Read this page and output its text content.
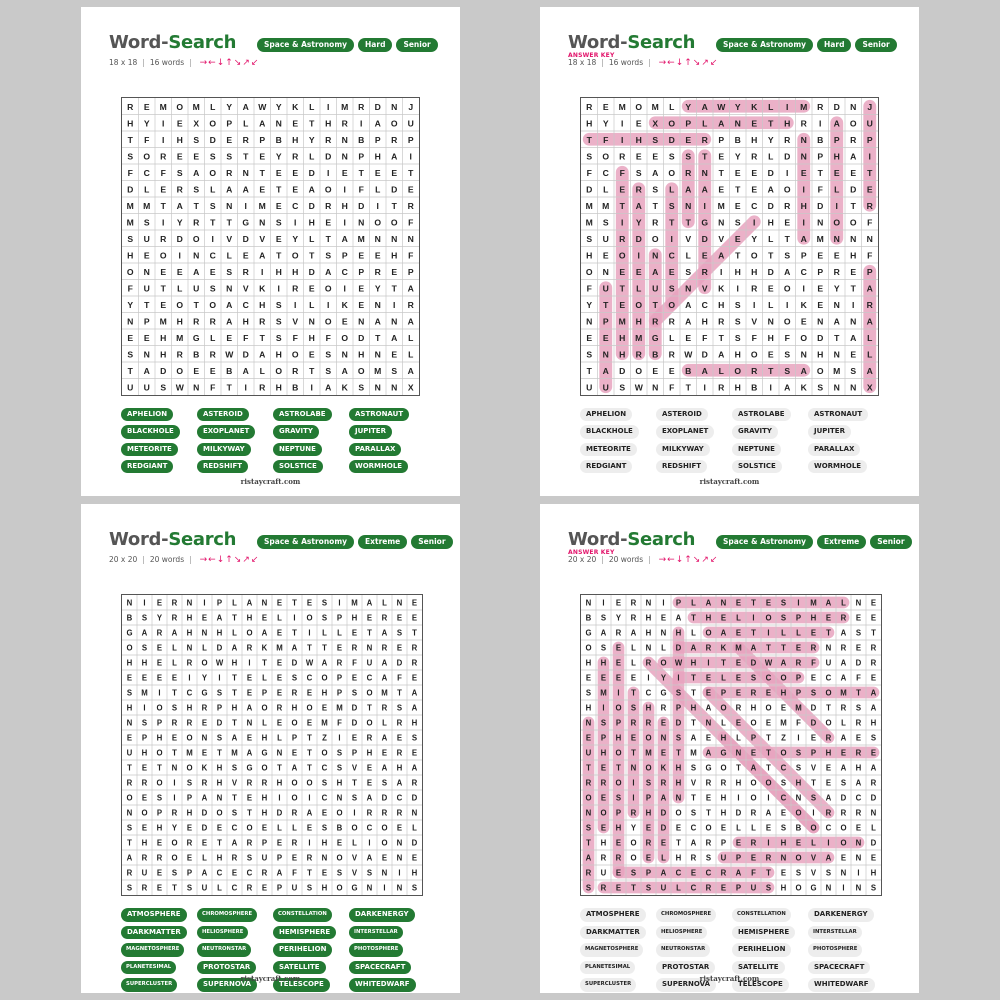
Word-Search	Space & Astronomy	Hard	Senior
18 x 18 | 16 words | →←↓↑↘↗↙
R E M O M L Y A W Y K L I M R D N J
H Y I E X O P L A N E T H R I A O U
T F I H S D E R P B H Y R N B P R P
S O R E E S S T E Y R L D N P H A I
F C F S A O R N T E E D I E T E E T
D L E R S L A A E T E A O I F L D E
M M T A T S N I M E C D R H D I T R
M S I Y R T T G N S I H E I N O O F
S U R D O I V D V E Y L T A M N N N
H E O I N C L E A T O T S P E E H F
O N E E A E S R I H H D A C P R E P
F U T L U S N V K I R E O I E Y T A
Y T E O T O A C H S I L I K E N I R
N P M H R R A H R S V N O E N A N A
E E H M G L E F T S F H F O D T A L
S N H R B R W D A H O E S N H N E L
T A D O E E B A L O R T S A O M S A
U U S W N F T I R H B I A K S N N X
APHELION	ASTEROID	ASTROLABE	ASTRONAUT
BLACKHOLE	EXOPLANET	GRAVITY	JUPITER
METEORITE	MILKYWAY	NEPTUNE	PARALLAX
REDGIANT	REDSHIFT	SOLSTICE	WORMHOLE
ristaycraft.com
Word-Search	Space & Astronomy	Hard	Senior
ANSWER KEY
18 x 18 | 16 words | →←↓↑↘↗↙
R E M O M L Y A W Y K L I M R D N J
H Y I E X O P L A N E T H R I A O U
T F I H S D E R P B H Y R N B P R P
S O R E E S S T E Y R L D N P H A I
F C F S A O R N T E E D I E T E E T
D L E R S L A A E T E A O I F L D E
M M T A T S N I M E C D R H D I T R
M S I Y R T T G N S I H E I N O O F
S U R D O I V D V E Y L T A M N N N
H E O I N C L E A T O T S P E E H F
O N E E A E S R I H H D A C P R E P
F U T L U S N V K I R E O I E Y T A
Y T E O T O A C H S I L I K E N I R
N P M H R R A H R S V N O E N A N A
E E H M G L E F T S F H F O D T A L
S N H R B R W D A H O E S N H N E L
T A D O E E B A L O R T S A O M S A
U U S W N F T I R H B I A K S N N X
APHELION	ASTEROID	ASTROLABE	ASTRONAUT
BLACKHOLE	EXOPLANET	GRAVITY	JUPITER
METEORITE	MILKYWAY	NEPTUNE	PARALLAX
REDGIANT	REDSHIFT	SOLSTICE	WORMHOLE
ristaycraft.com
Word-Search	Space & Astronomy	Extreme	Senior
20 x 20 | 20 words | →←↓↑↘↗↙
N I E R N I P L A N E T E S I M A L N E
B S Y R H E A T H E L I O S P H E R E E
G A R A H N H L O A E T I L L E T A S T
O S E L N L D A R K M A T T E R N R E R
H H E L R O W H I T E D W A R F U A D R
E E E E I Y I T E L E S C O P E C A F E
S M I T C G S T E P E R E H P S O M T A
H I O S H R P H A O R H O E M D T R S A
N S P R R E D T N L E O E M F D O L R H
E P H E O N S A E H L P T Z I E R A E S
U H O T M E T M A G N E T O S P H E R E
T E T N O K H S G O T A T C S V E A H A
R R O I S R H V R R H O O S H T E S A R
O E S I P A N T E H I O I C N S A D C D
N O P R H D O S T H D R A E O I R R R N
S E H Y E D E C O E L L E S B O C O E L
T H E O R E T A R P E R I H E L I O N D
A R R O E L H R S U P E R N O V A E N E
R U E S P A C E C R A F T E S V S N I H
S R E T S U L C R E P U S H O G N I N S
ATMOSPHERE	CHROMOSPHERE	CONSTELLATION	DARKENERGY
DARKMATTER	HELIOSPHERE	HEMISPHERE	INTERSTELLAR
MAGNETOSPHERE	NEUTRONSTAR	PERIHELION	PHOTOSPHERE
PLANETESIMAL	PROTOSTAR	SATELLITE	SPACECRAFT
SUPERCLUSTER	SUPERNOVA	TELESCOPE	WHITEDWARF
ristaycraft.com
Word-Search	Space & Astronomy	Extreme	Senior
ANSWER KEY
20 x 20 | 20 words | →←↓↑↘↗↙
N I E R N I P L A N E T E S I M A L N E
B S Y R H E A T H E L I O S P H E R E E
G A R A H N H L O A E T I L L E T A S T
O S E L N L D A R K M A T T E R N R E R
H H E L R O W H I T E D W A R F U A D R
E E E E I Y I T E L E S C O P E C A F E
S M I T C G S T E P E R E H P S O M T A
H I O S H R P H A O R H O E M D T R S A
N S P R R E D T N L E O E M F D O L R H
E P H E O N S A E H L P T Z I E R A E S
U H O T M E T M A G N E T O S P H E R E
T E T N O K H S G O T A T C S V E A H A
R R O I S R H V R R H O O S H T E S A R
O E S I P A N T E H I O I C N S A D C D
N O P R H D O S T H D R A E O I R R R N
S E H Y E D E C O E L L E S B O C O E L
T H E O R E T A R P E R I H E L I O N D
A R R O E L H R S U P E R N O V A E N E
R U E S P A C E C R A F T E S V S N I H
S R E T S U L C R E P U S H O G N I N S
ATMOSPHERE	CHROMOSPHERE	CONSTELLATION	DARKENERGY
DARKMATTER	HELIOSPHERE	HEMISPHERE	INTERSTELLAR
MAGNETOSPHERE	NEUTRONSTAR	PERIHELION	PHOTOSPHERE
PLANETESIMAL	PROTOSTAR	SATELLITE	SPACECRAFT
SUPERCLUSTER	SUPERNOVA	TELESCOPE	WHITEDWARF
ristaycraft.com
